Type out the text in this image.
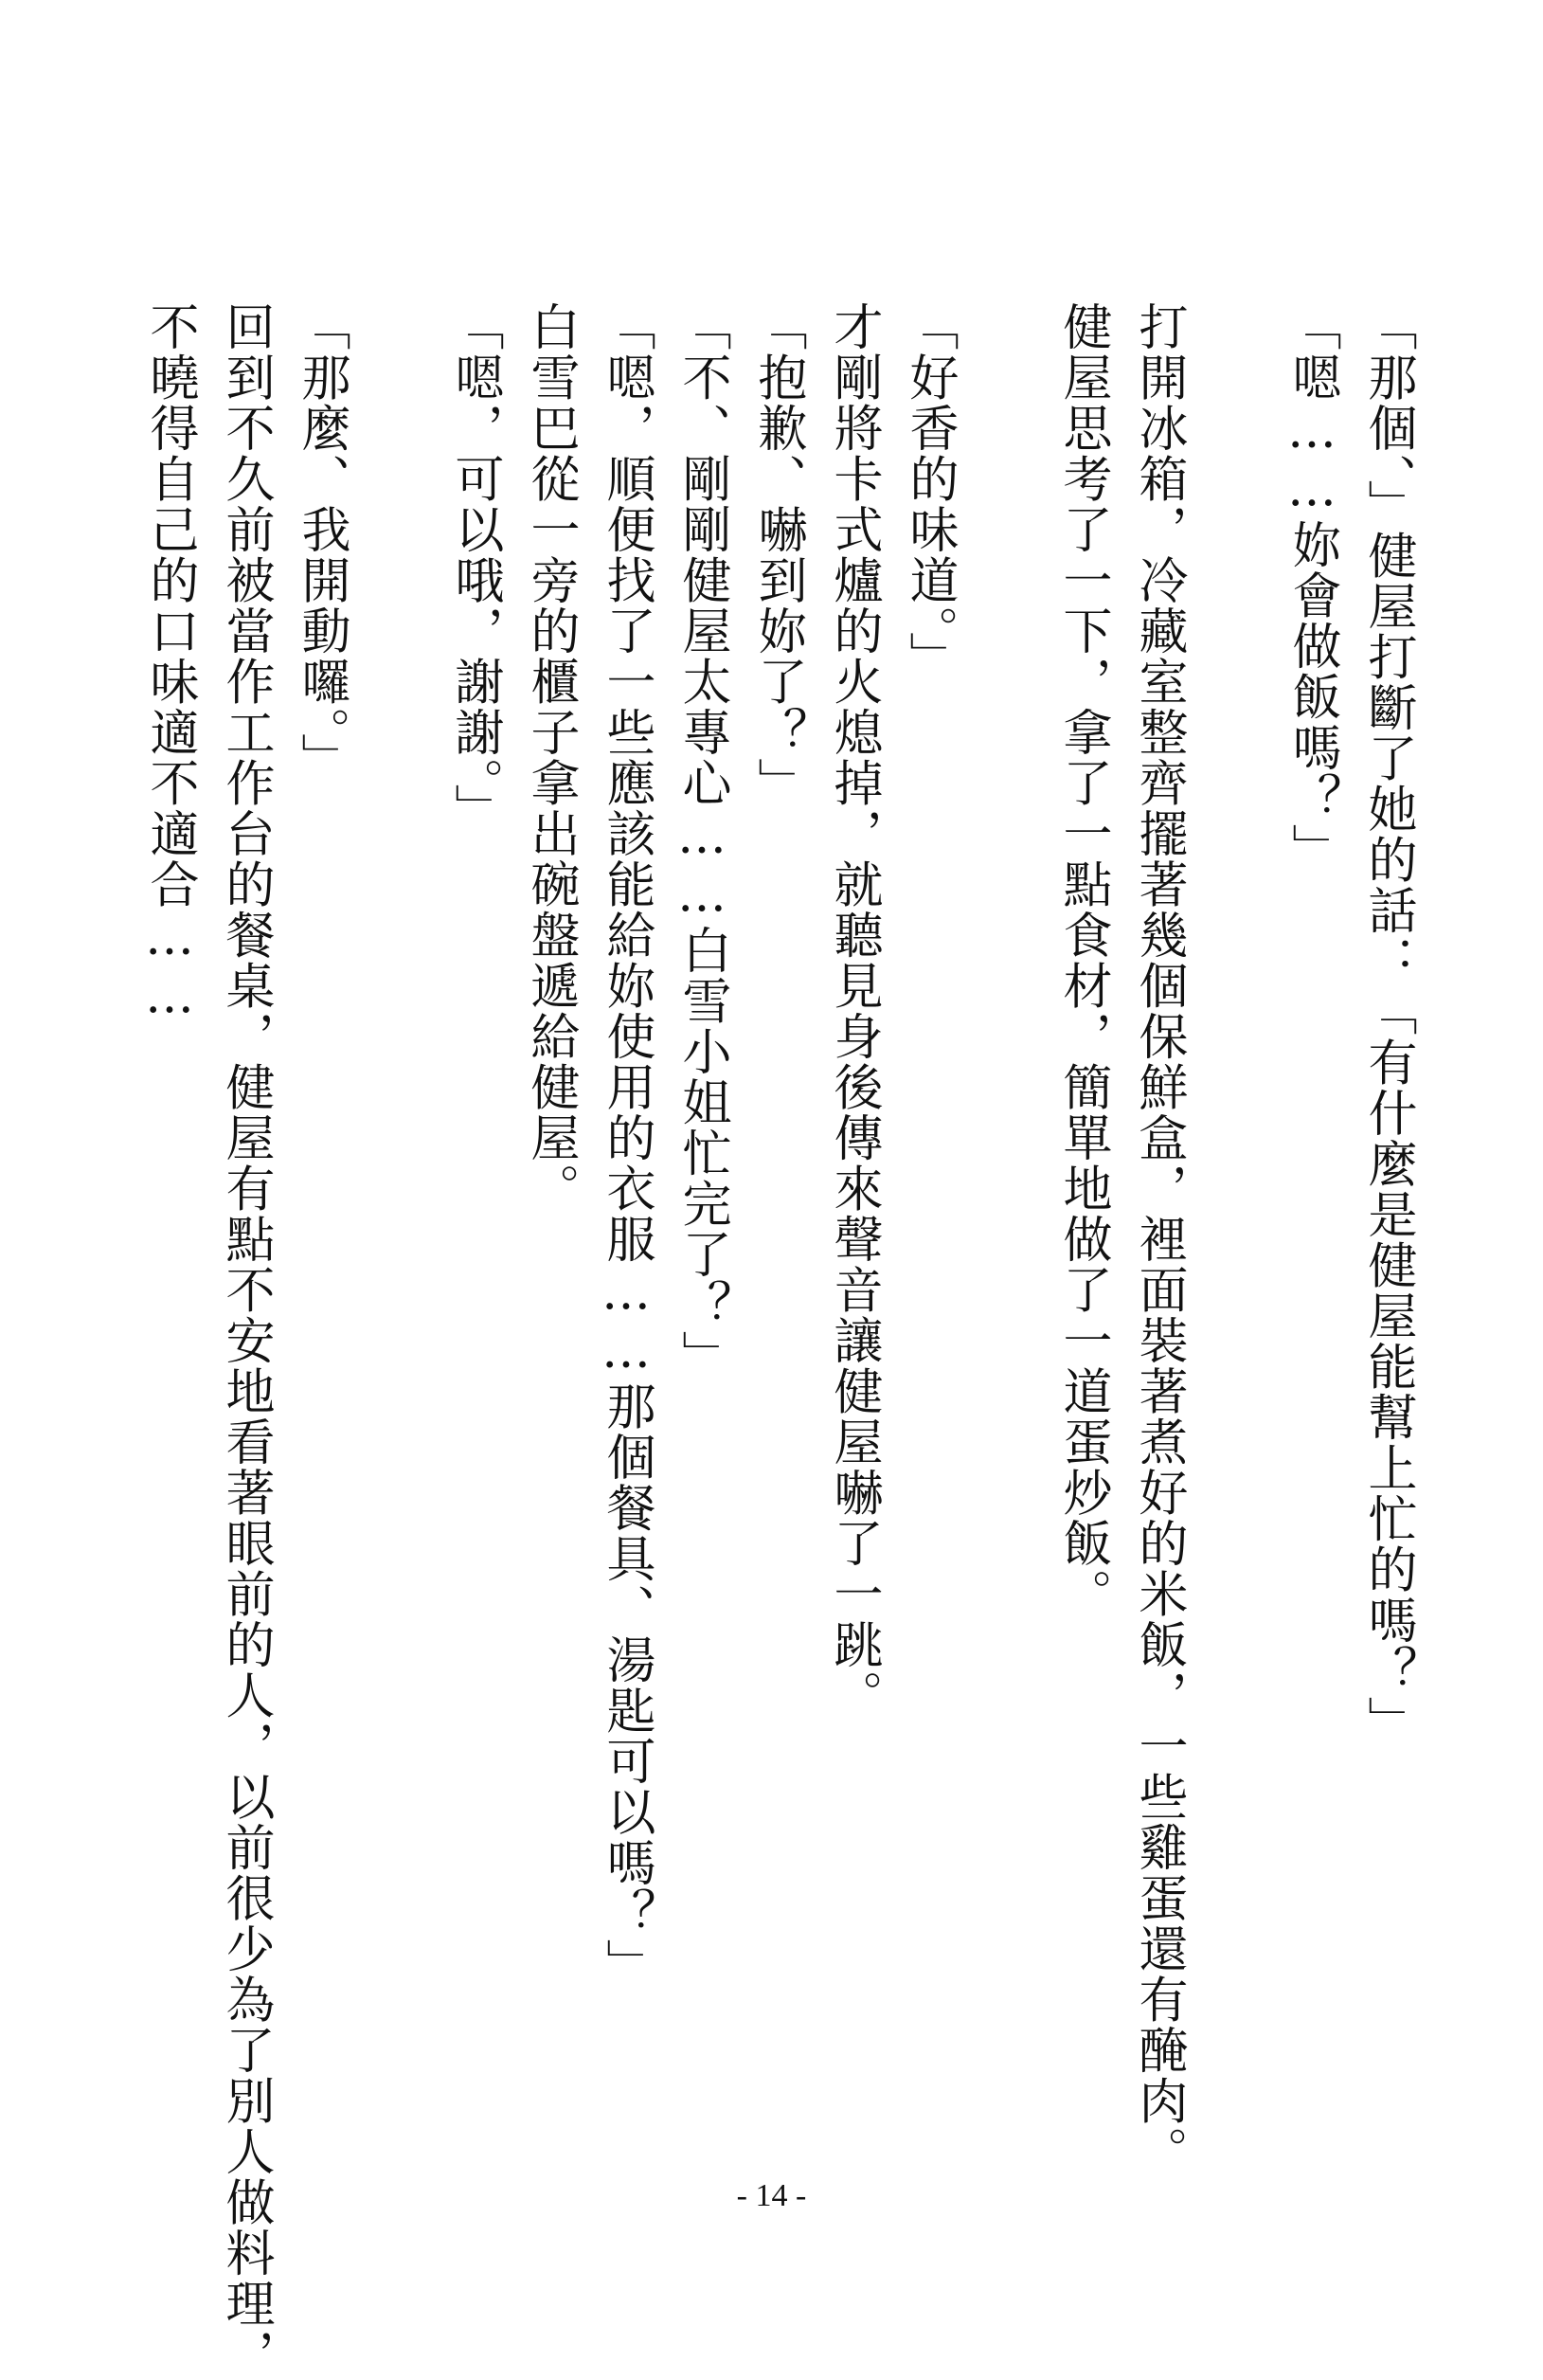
「那個、」健屋打斷了她的話：「有什麼是健屋能幫上忙的嗎？」
「嗯……妳會做飯嗎？」
打開冰箱，冷藏室整齊擺著幾個保鮮盒，裡面裝著煮好的米飯，一些雞蛋還有醃肉。
健屋思考了一下，拿了一點食材，簡單地做了一道蛋炒飯。
「好香的味道。」
才剛將卡式爐的火熄掉，就聽見身後傳來聲音讓健屋嚇了一跳。
「抱歉、嚇到妳了？」
「不、剛剛健屋太專心……白雪小姐忙完了？」
「嗯，順便找了一些應該能給妳使用的衣服……那個餐具、湯匙可以嗎？」
白雪巴從一旁的櫃子拿出碗盤遞給健屋。
「嗯，可以哦，謝謝。」
「那麼、我開動囉。」
回到不久前被當作工作台的餐桌，健屋有點不安地看著眼前的人，以前很少為了別人做料理，
不曉得自己的口味適不適合……
- 14 -
